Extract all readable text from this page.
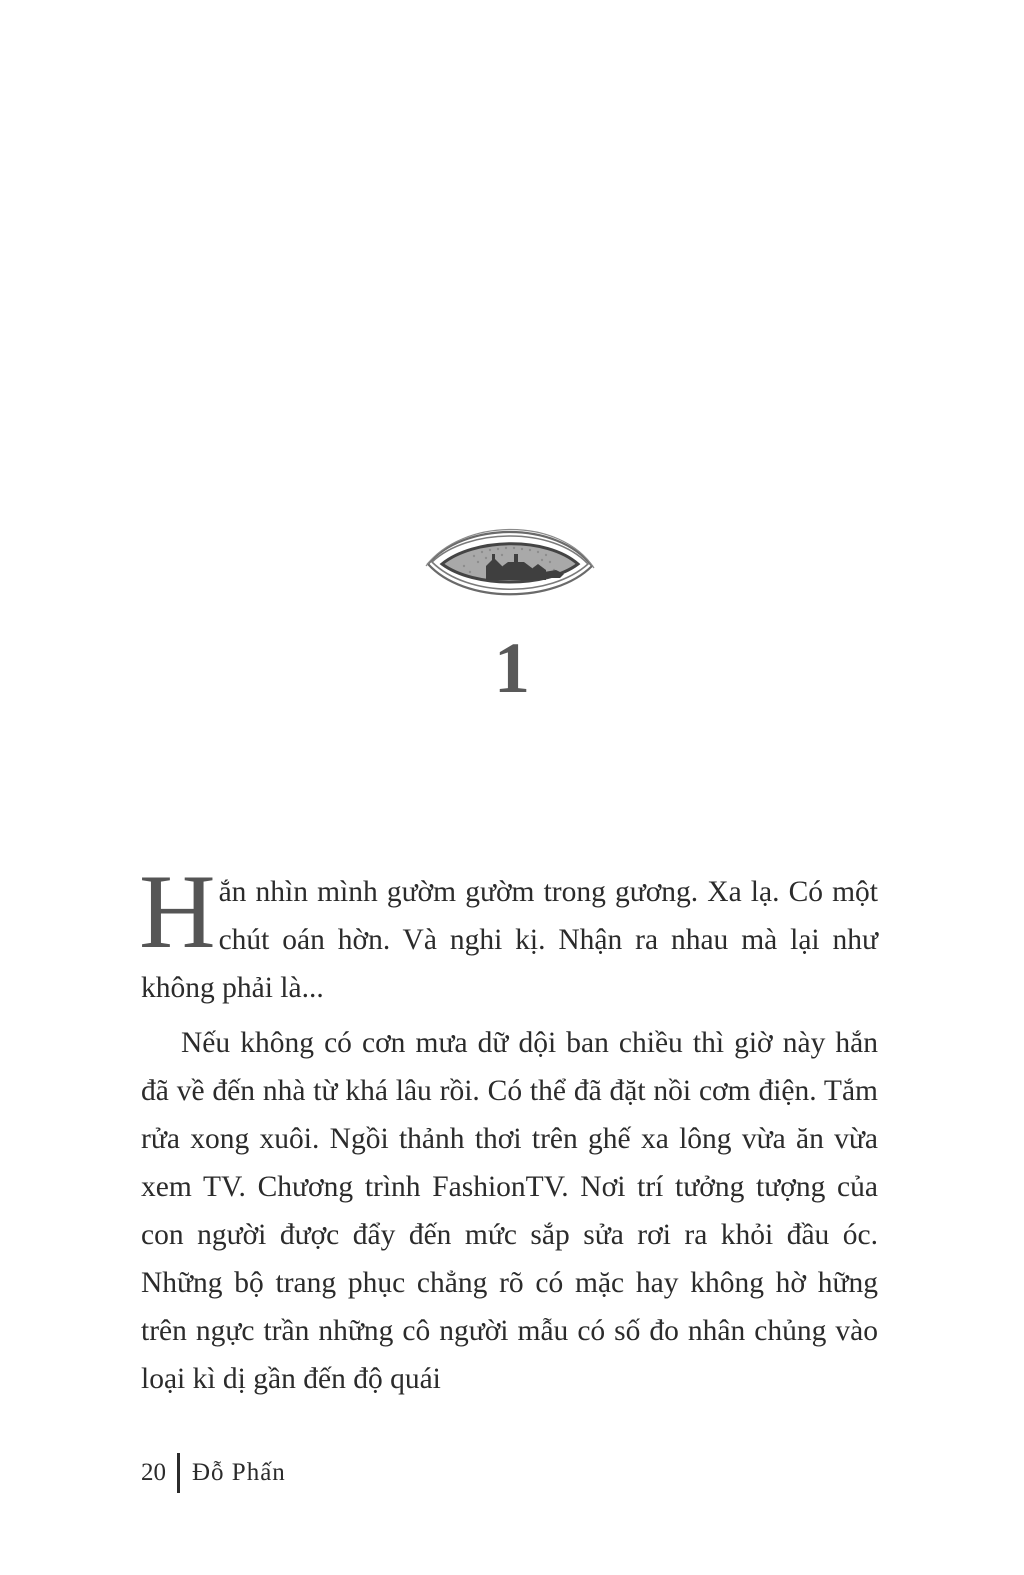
1

Hắn nhìn mình gườm gườm trong gương. Xa lạ. Có một chút oán hờn. Và nghi kị. Nhận ra nhau mà lại như không phải là...

Nếu không có cơn mưa dữ dội ban chiều thì giờ này hắn đã về đến nhà từ khá lâu rồi. Có thể đã đặt nồi cơm điện. Tắm rửa xong xuôi. Ngồi thảnh thơi trên ghế xa lông vừa ăn vừa xem TV. Chương trình FashionTV. Nơi trí tưởng tượng của con người được đẩy đến mức sắp sửa rơi ra khỏi đầu óc. Những bộ trang phục chẳng rõ có mặc hay không hờ hững trên ngực trần những cô người mẫu có số đo nhân chủng vào loại kì dị gần đến độ quái

20 Đỗ Phấn
